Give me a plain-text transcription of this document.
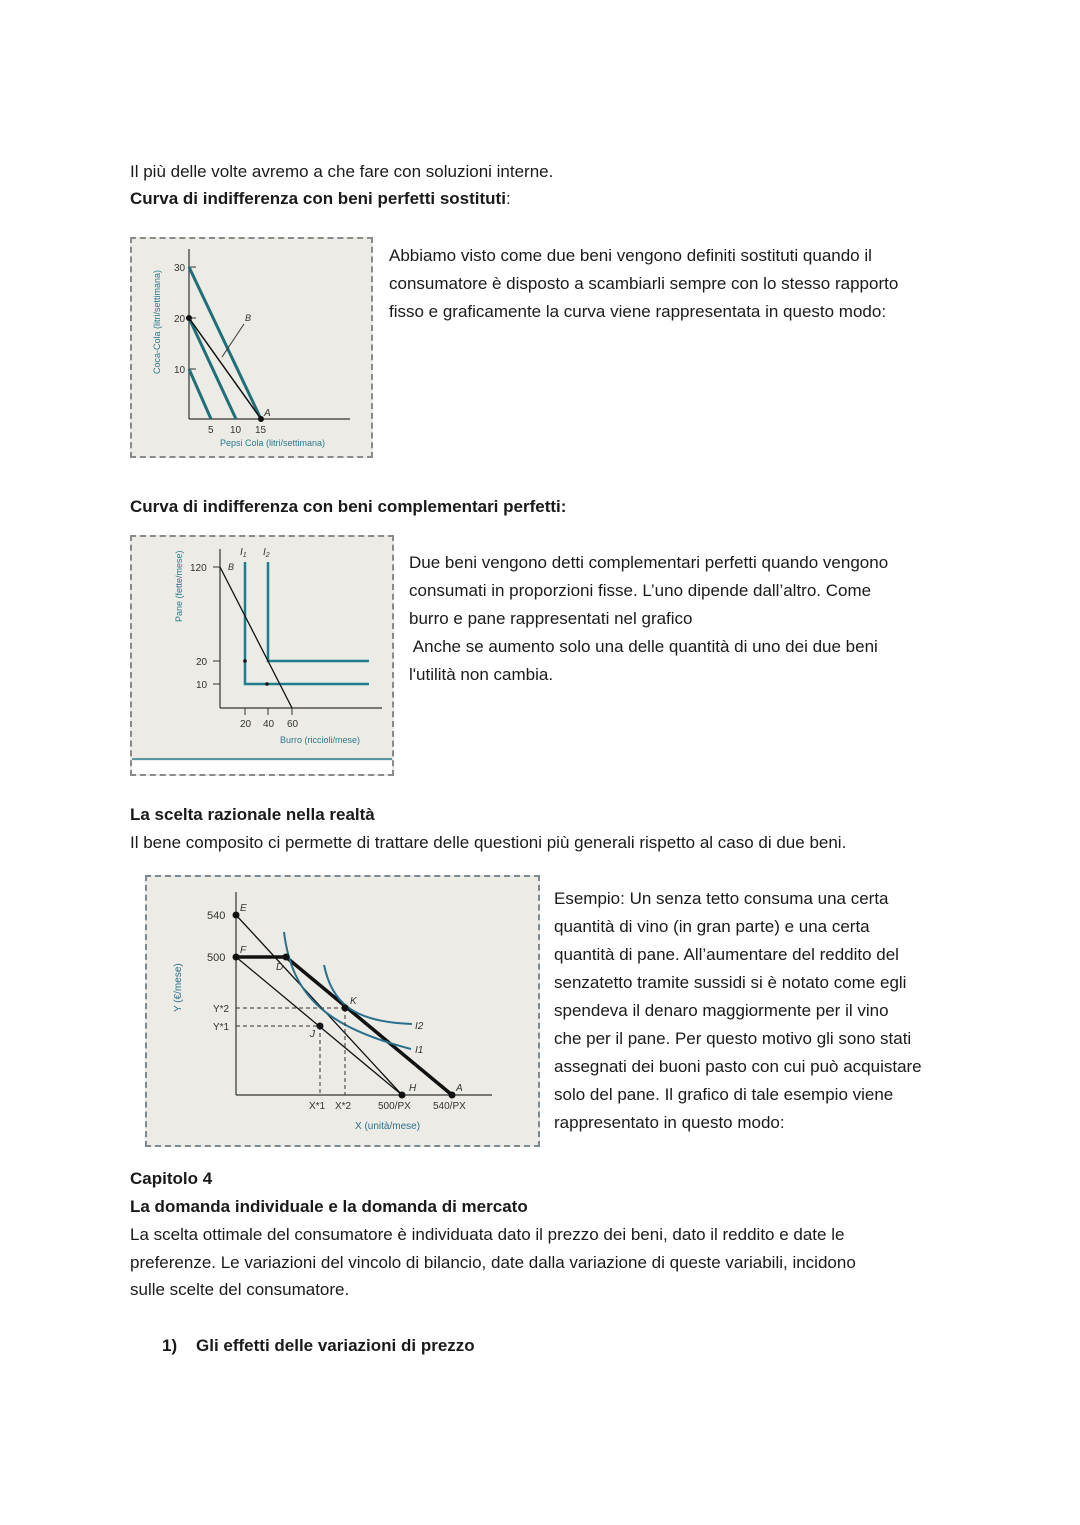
Il più delle volte avremo a che fare con soluzioni interne.
Curva di indifferenza con beni perfetti sostituti:
30
20
10
5 10 15
A
B
Pepsi Cola (litri/settimana)
Coca-Cola (litri/settimana)
Abbiamo visto come due beni vengono definiti sostituti quando il
consumatore è disposto a scambiarli sempre con lo stesso rapporto
fisso e graficamente la curva viene rappresentata in questo modo:
Curva di indifferenza con beni complementari perfetti:
120
20
10
20 40 60
B
$I_1$ $I_2$
Burro (riccioli/mese)
Pane (fette/mese)	Due beni vengono detti complementari perfetti quando vengono
consumati in proporzioni fisse. L’uno dipende dall’altro. Come
burro e pane rappresentati nel grafico
Anche se aumento solo una delle quantità di uno dei due beni
l'utilità non cambia.
La scelta razionale nella realtà
Il bene composito ci permette di trattare delle questioni più generali rispetto al caso di due beni.
540
500
Y*2
Y*1
X*1 X*2	500/PX 540/PX
E
F
D
K
J
H	A
I1
I2
X (unità/mese)
Y (€/mese)
Esempio: Un senza tetto consuma una certa
quantità di vino (in gran parte) e una certa
quantità di pane. All’aumentare del reddito del
senzatetto tramite sussidi si è notato come egli
spendeva il denaro maggiormente per il vino
che per il pane. Per questo motivo gli sono stati
assegnati dei buoni pasto con cui può acquistare
solo del pane. Il grafico di tale esempio viene
rappresentato in questo modo:
Capitolo 4
La domanda individuale e la domanda di mercato
La scelta ottimale del consumatore è individuata dato il prezzo dei beni, dato il reddito e date le
preferenze. Le variazioni del vincolo di bilancio, date dalla variazione di queste variabili, incidono
sulle scelte del consumatore.
1) Gli effetti delle variazioni di prezzo
